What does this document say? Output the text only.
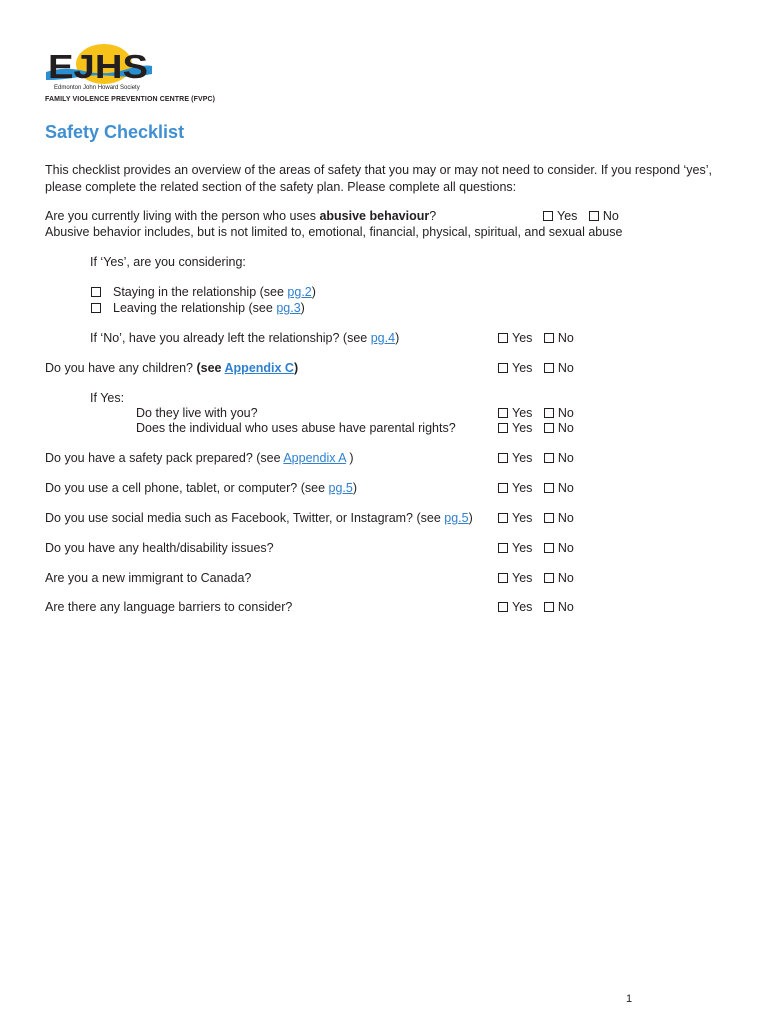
EJHS
Edmonton John Howard Society
FAMILY VIOLENCE PREVENTION CENTRE (FVPC)
Safety Checklist
This checklist provides an overview of the areas of safety that you may or may not need to consider. If you respond ‘yes’,
please complete the related section of the safety plan. Please complete all questions:
Are you currently living with the person who uses abusive behaviour?	Yes No
Abusive behavior includes, but is not limited to, emotional, financial, physical, spiritual, and sexual abuse
If ‘Yes’, are you considering:
Staying in the relationship (see pg.2)
Leaving the relationship (see pg.3)
If ‘No’, have you already left the relationship? (see pg.4)	Yes No
Do you have any children? (see Appendix C)	Yes No
If Yes:
Do they live with you?	Yes No
Does the individual who uses abuse have parental rights?	Yes No
Do you have a safety pack prepared? (see Appendix A )	Yes No
Do you use a cell phone, tablet, or computer? (see pg.5)	Yes No
Do you use social media such as Facebook, Twitter, or Instagram? (see pg.5)	Yes No
Do you have any health/disability issues?	Yes No
Are you a new immigrant to Canada?	Yes No
Are there any language barriers to consider?	Yes No
1
